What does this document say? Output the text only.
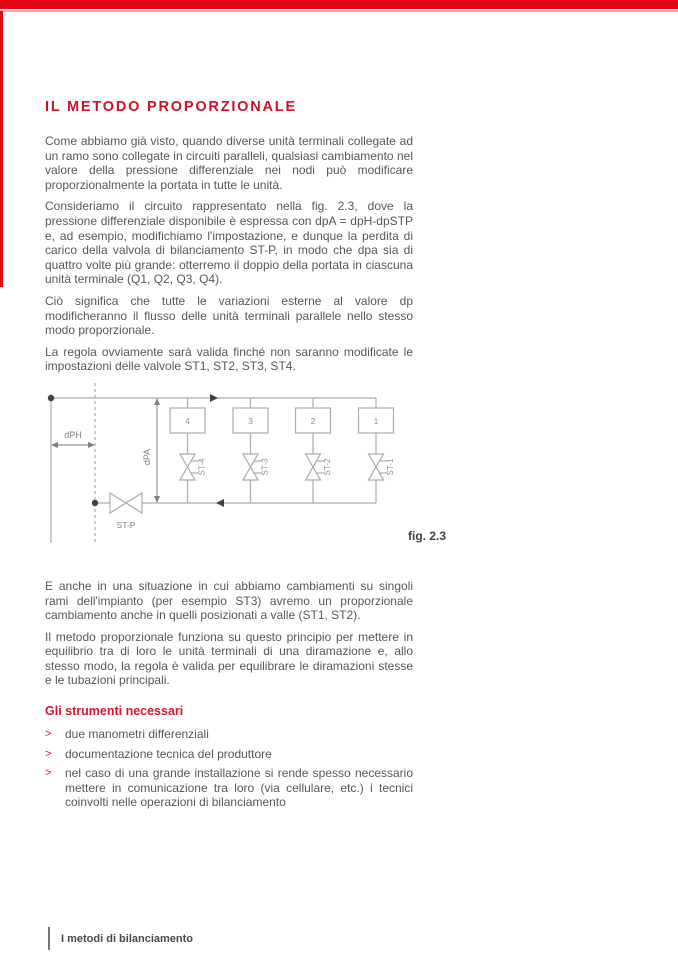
IL METODO PROPORZIONALE

Come abbiamo già visto, quando diverse unità terminali collegate ad un ramo sono collegate in circuiti paralleli, qualsiasi cambiamento nel valore della pressione differenziale nei nodi può modificare proporzionalmente la portata in tutte le unità.

Consideriamo il circuito rappresentato nella fig. 2.3, dove la pressione differenziale disponibile è espressa con dpA = dpH-dpSTP e, ad esempio, modifichiamo l'impostazione, e dunque la perdita di carico della valvola di bilanciamento ST-P, in modo che dpa sia di quattro volte più grande: otterremo il doppio della portata in ciascuna unità terminale (Q1, Q2, Q3, Q4).

Ciò significa che tutte le variazioni esterne al valore dp modificheranno il flusso delle unità terminali parallele nello stesso modo proporzionale.

La regola ovviamente sarà valida finché non saranno modificate le impostazioni delle valvole ST1, ST2, ST3, ST4.

dPH
dPA
ST-P
4
ST-4
3
ST-3
2
ST-2
1
ST-1
fig. 2.3

E anche in una situazione in cui abbiamo cambiamenti su singoli rami dell'impianto (per esempio ST3) avremo un proporzionale cambiamento anche in quelli posizionati a valle (ST1, ST2).

Il metodo proporzionale funziona su questo principio per mettere in equilibrio tra di loro le unità terminali di una diramazione e, allo stesso modo, la regola è valida per equilibrare le diramazioni stesse e le tubazioni principali.

Gli strumenti necessari
>	due manometri differenziali
>	documentazione tecnica del produttore
>	nel caso di una grande installazione si rende spesso necessario mettere in comunicazione tra loro (via cellulare, etc.) i tecnici coinvolti nelle operazioni di bilanciamento
I metodi di bilanciamento
